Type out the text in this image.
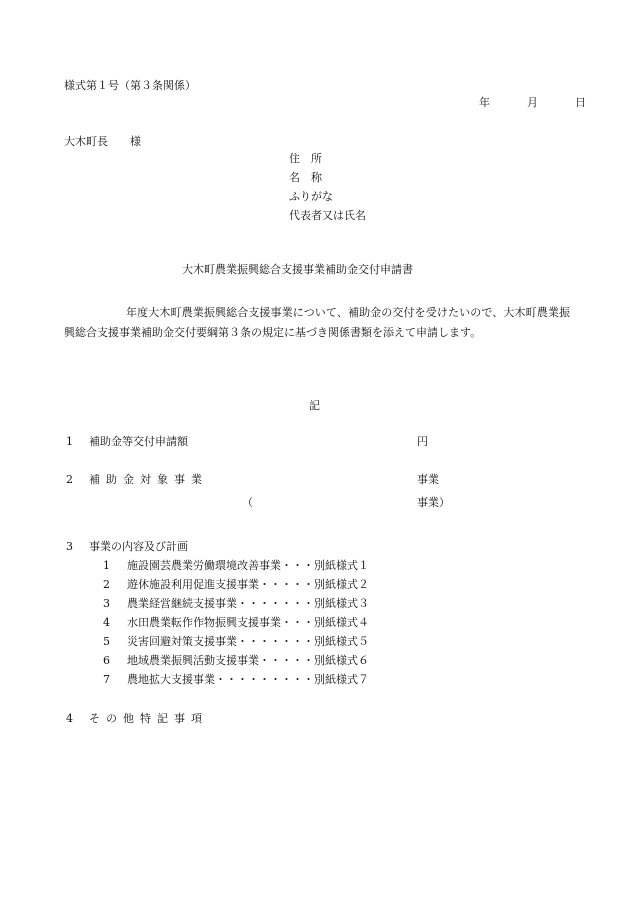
様式第１号（第３条関係）
年	月	日
大木町長　　様
住　所
名　称
ふりがな
代表者又は氏名
大木町農業振興総合支援事業補助金交付申請書
年度大木町農業振興総合支援事業について、補助金の交付を受けたいので、大木町農業振興総合支援事業補助金交付要綱第３条の規定に基づき関係書類を添えて申請します。
記
1 補助金等交付申請額	円
2 補助金対象事業	事業
（	事業）
3 事業の内容及び計画
1 施設園芸農業労働環境改善事業・・・別紙様式１
2 遊休施設利用促進支援事業・・・・・別紙様式２
3 農業経営継続支援事業・・・・・・・別紙様式３
4 水田農業転作作物振興支援事業・・・別紙様式４
5 災害回避対策支援事業・・・・・・・別紙様式５
6 地域農業振興活動支援事業・・・・・別紙様式６
7 農地拡大支援事業・・・・・・・・・別紙様式７
4 その他特記事項
